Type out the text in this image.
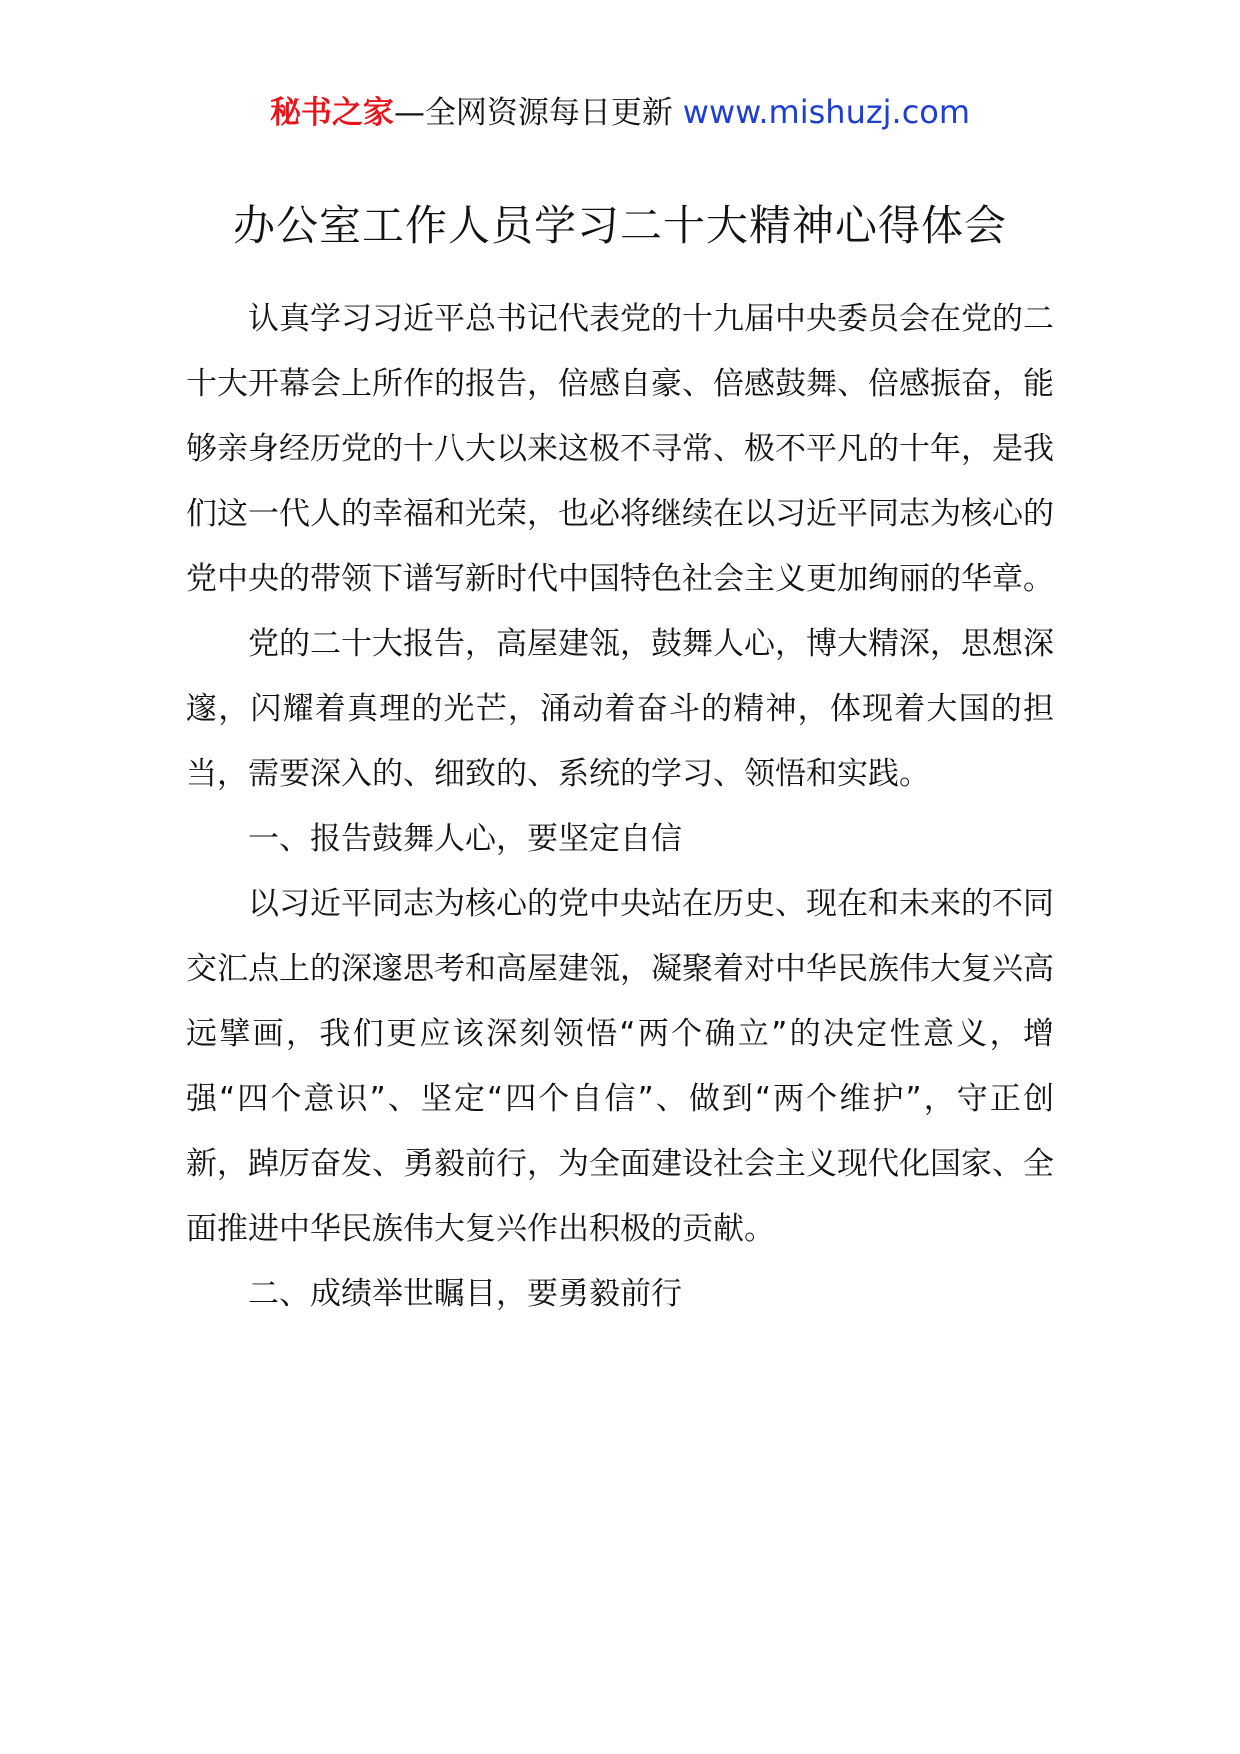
秘书之家—全网资源每日更新 www.mishuzj.com
办公室工作人员学习二十大精神心得体会

认真学习习近平总书记代表党的十九届中央委员会在党的二十大开幕会上所作的报告，倍感自豪、倍感鼓舞、倍感振奋，能够亲身经历党的十八大以来这极不寻常、极不平凡的十年，是我们这一代人的幸福和光荣，也必将继续在以习近平同志为核心的党中央的带领下谱写新时代中国特色社会主义更加绚丽的华章。

党的二十大报告，高屋建瓴，鼓舞人心，博大精深，思想深邃，闪耀着真理的光芒，涌动着奋斗的精神，体现着大国的担当，需要深入的、细致的、系统的学习、领悟和实践。

一、报告鼓舞人心，要坚定自信

以习近平同志为核心的党中央站在历史、现在和未来的不同交汇点上的深邃思考和高屋建瓴，凝聚着对中华民族伟大复兴高远擘画，我们更应该深刻领悟“两个确立”的决定性意义，增强“四个意识”、坚定“四个自信”、做到“两个维护”，守正创新，踔厉奋发、勇毅前行，为全面建设社会主义现代化国家、全面推进中华民族伟大复兴作出积极的贡献。

二、成绩举世瞩目，要勇毅前行
